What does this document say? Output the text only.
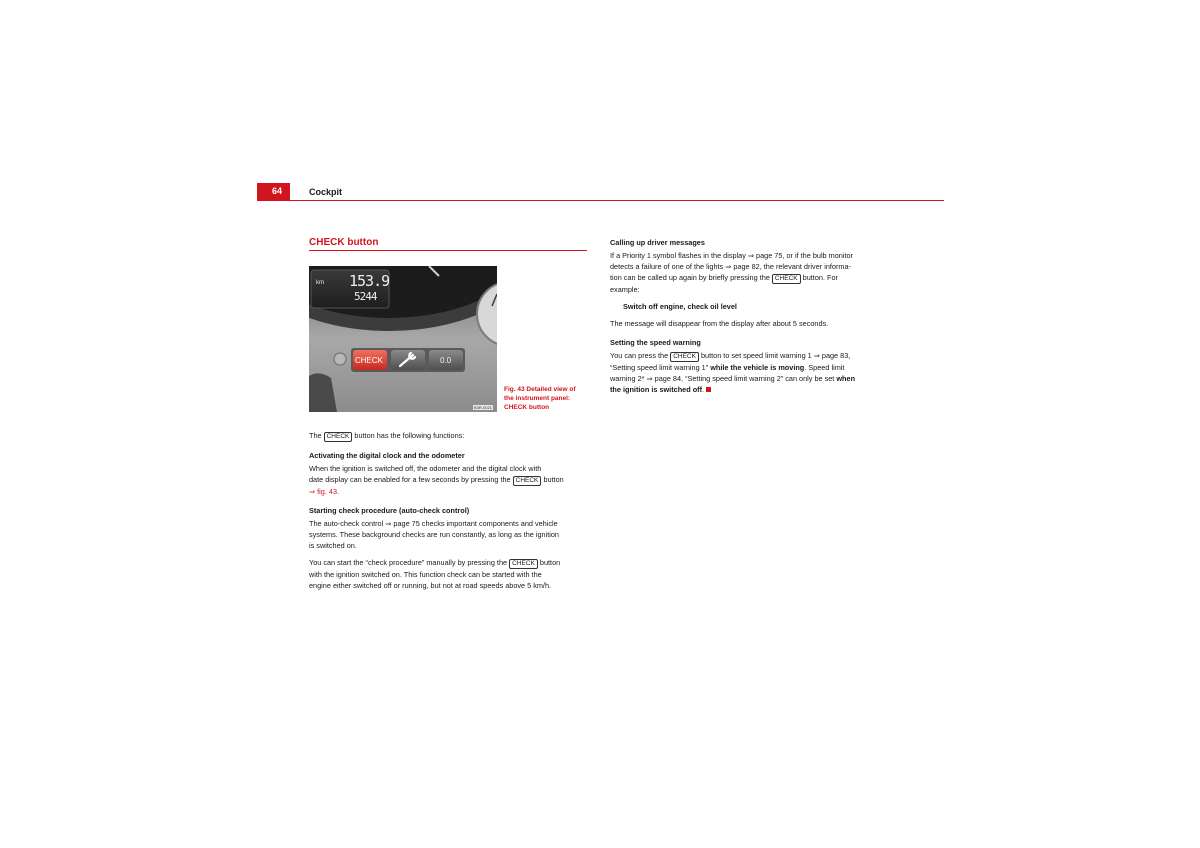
64	Cockpit
CHECK button
km 153.9
5244
CHECK	0.0
B3R-0021
Fig. 43 Detailed view of
the instrument panel:
CHECK button

The CHECK button has the following functions:

Activating the digital clock and the odometer

When the ignition is switched off, the odometer and the digital clock with
date display can be enabled for a few seconds by pressing the CHECK button
⇒ fig. 43.

Starting check procedure (auto-check control)

The auto-check control ⇒ page 75 checks important components and vehicle
systems. These background checks are run constantly, as long as the ignition
is switched on.

You can start the “check procedure” manually by pressing the CHECK button
with the ignition switched on. This function check can be started with the
engine either switched off or running, but not at road speeds above 5 km/h.

Calling up driver messages

If a Priority 1 symbol flashes in the display ⇒ page 75, or if the bulb monitor
detects a failure of one of the lights ⇒ page 82, the relevant driver informa-
tion can be called up again by briefly pressing the CHECK button. For
example:

Switch off engine, check oil level

The message will disappear from the display after about 5 seconds.

Setting the speed warning

You can press the CHECK button to set speed limit warning 1 ⇒ page 83,
“Setting speed limit warning 1” while the vehicle is moving. Speed limit
warning 2* ⇒ page 84, “Setting speed limit warning 2” can only be set when
the ignition is switched off.
